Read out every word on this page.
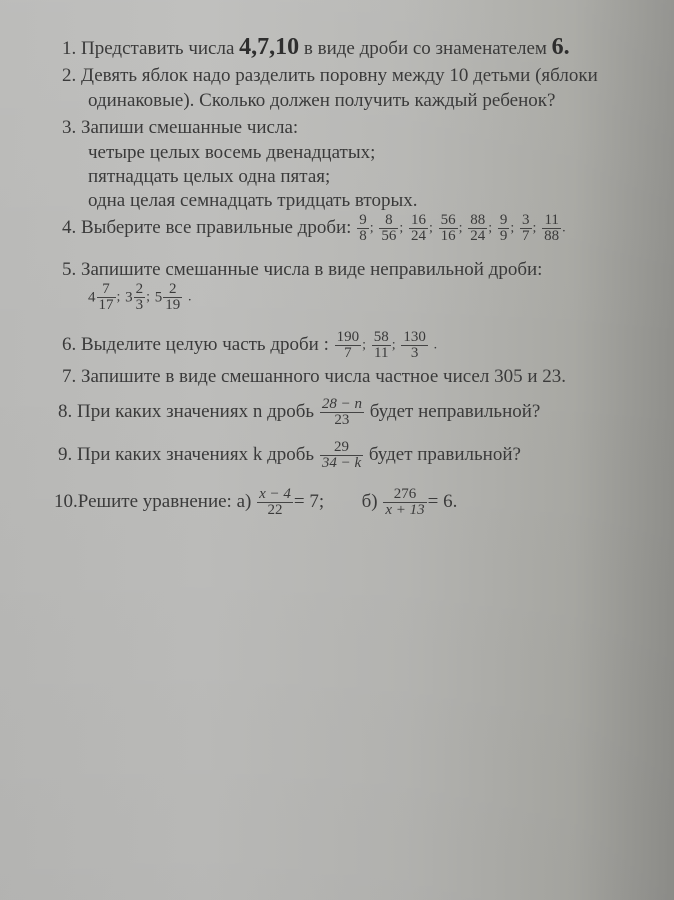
1. Представить числа 4,7,10 в виде дроби со знаменателем 6.
2. Девять яблок надо разделить поровну между 10 детьми (яблоки
одинаковые). Сколько должен получить каждый ребенок?
3. Запиши смешанные числа:
четыре целых восемь двенадцатых;
пятнадцать целых одна пятая;
одна целая семнадцать тридцать вторых.
4. Выберите все правильные дроби: $\frac{9}{8}$ ; $\frac{8}{56}$ ; $\frac{16}{24}$ ; $\frac{56}{16}$ ; $\frac{88}{24}$ ; $\frac{9}{9}$ ; $\frac{3}{7}$ ; $\frac{11}{88}$ .
5. Запишите смешанные числа в виде неправильной дроби:
$4 \frac{7}{17}$ ; $3 \frac{2}{3}$ ; $5 \frac{2}{19}$ .
6. Выделите целую часть дроби : $\frac{190}{7}$ ; $\frac{58}{11}$ ; $\frac{130}{3}$ .
7. Запишите в виде смешанного числа частное чисел 305 и 23.
8. При каких значениях n дробь $\frac{28 - n}{23}$ будет неправильной?
9. При каких значениях k дробь $\frac{29}{34 - k}$ будет правильной?
10.Решите уравнение: $а) \frac{x - 4}{22} = 7$; $б) \frac{276}{x + 13} = 6$.
